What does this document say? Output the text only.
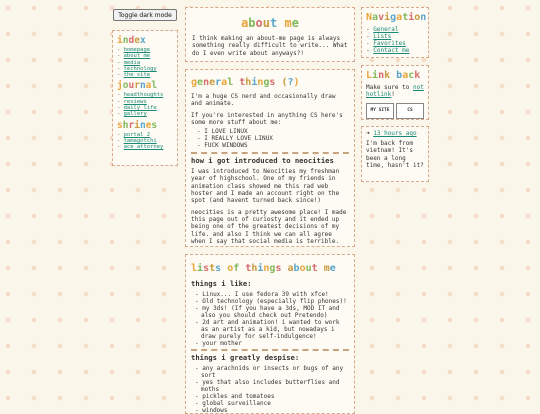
Toggle dark mode
index
- homepage
- about me
- media
- technology
- the site
journal
- headthoughts
- reviews
- daily life
- gallery
shrines
- portal 2
- tamagotchi
- ace attorney
about me

I think making an about-me page is always something really difficult to write... What do I even write about anyways?!

general things (?)

I'm a huge CS nerd and occasionally draw and animate.

If you're interested in anything CS here's some more stuff about me:

- I LOVE LINUX
- I REALLY LOVE LINUX
- FUCK WINDOWS
how i got introduced to neocities

I was introduced to Neocities my freshman year of highschool. One of my friends in animation class showed me this rad web hoster and I made an account right on the spot (and havent turned back since!)

neocities is a pretty awesome place! I made this page out of curiosty and it ended up being one of the greatest decisions of my life. and also I think we can all agree when I say that social media is terrible.

lists of things about me
things i like:
- Linux... I use fedora 39 with xfce!
- Old technology (especially flip phones)!
- my 3ds! (If you have a 3ds, MOD IT and also you should check out Pretendo)
- 2d art and animation! i wanted to work as an artist as a kid, but nowadays i draw purely for self-indulgence!
- your mother
things i greatly despise:
- any arachnids or insects or bugs of any sort
- yes that also includes butterflies and moths
- pickles and tomatoes
- global surveillance
- windows
Navigation
- General
- Lists
- Favorites
- Contact me
Link back

Make sure to not hotlink!

MY SITE	CS
➜ 13 hours ago

I'm back from vietnam! It's been a long time, hasn't it?
